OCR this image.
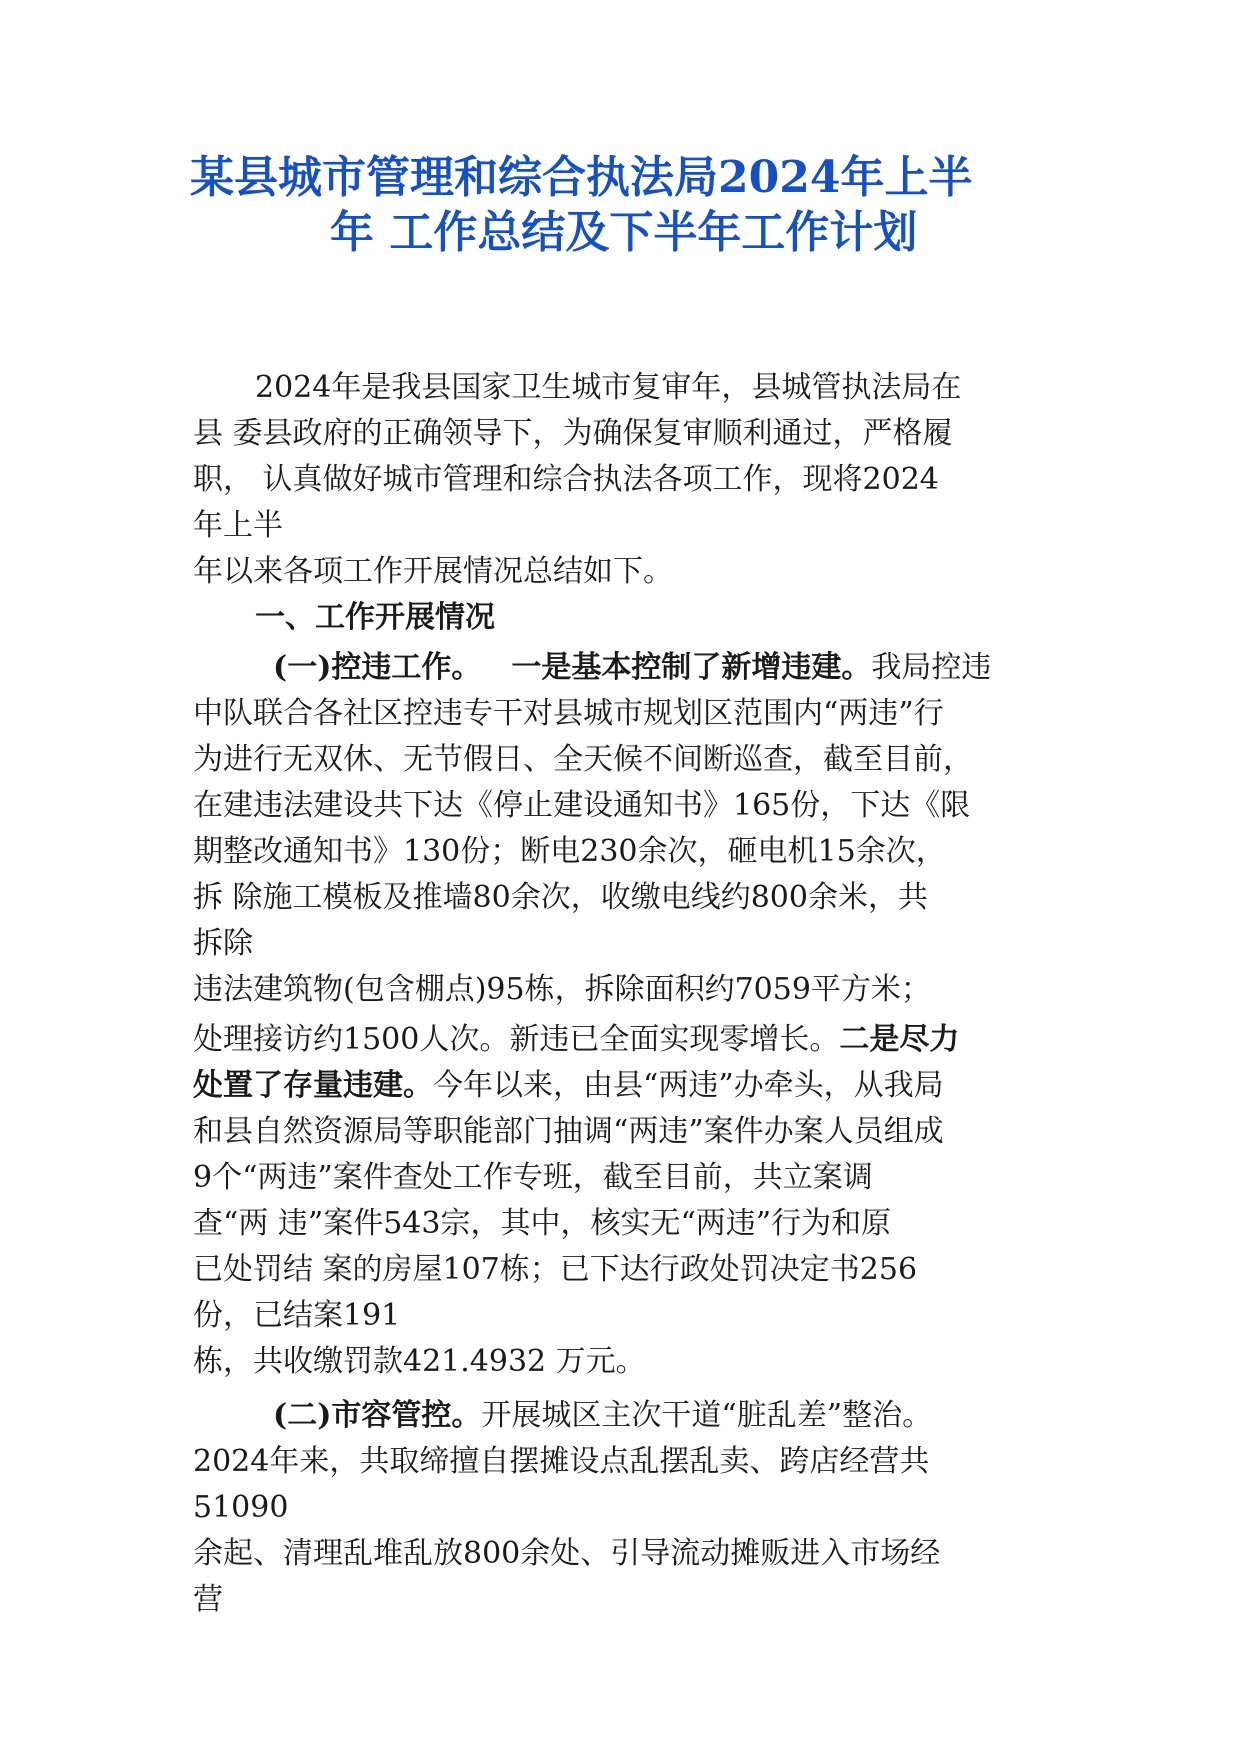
某县城市管理和综合执法局2024年上半
年 工作总结及下半年工作计划

2024年是我县国家卫生城市复审年，县城管执法局在

县 委县政府的正确领导下，为确保复审顺利通过，严格履

职， 认真做好城市管理和综合执法各项工作，现将2024

年上半

年以来各项工作开展情况总结如下。

一、工作开展情况

(一)控违工作。 一是基本控制了新增违建。我局控违

中队联合各社区控违专干对县城市规划区范围内“两违”行

为进行无双休、无节假日、全天候不间断巡查，截至目前，

在建违法建设共下达《停止建设通知书》165份，下达《限

期整改通知书》130份；断电230余次，砸电机15余次，

拆 除施工模板及推墙80余次，收缴电线约800余米，共

拆除

违法建筑物(包含棚点)95栋，拆除面积约7059平方米；

处理接访约1500人次。新违已全面实现零增长。二是尽力

处置了存量违建。今年以来，由县“两违”办牵头，从我局

和县自然资源局等职能部门抽调“两违”案件办案人员组成

9个“两违”案件查处工作专班，截至目前，共立案调

查“两 违”案件543宗，其中，核实无“两违”行为和原

已处罚结 案的房屋107栋；已下达行政处罚决定书256

份，已结案191

栋，共收缴罚款421.4932 万元。

(二)市容管控。开展城区主次干道“脏乱差”整治。

2024年来，共取缔擅自摆摊设点乱摆乱卖、跨店经营共

51090

余起、清理乱堆乱放800余处、引导流动摊贩进入市场经

营
